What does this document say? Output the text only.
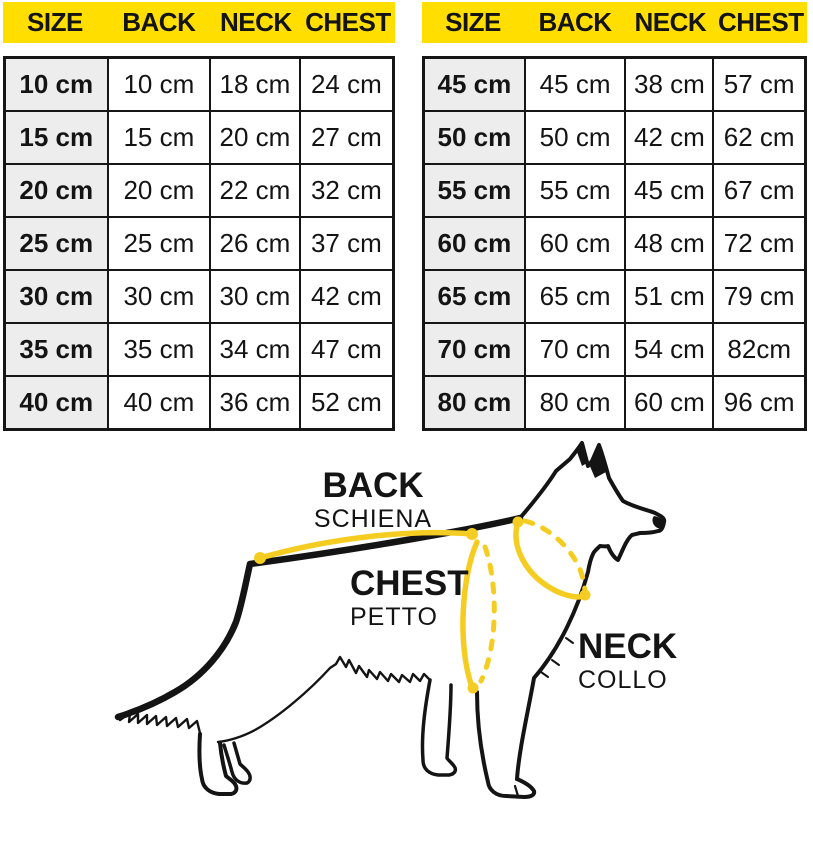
SIZE	BACK NECK CHEST
10 cm	10 cm	18 cm	24 cm
15 cm	15 cm	20 cm	27 cm
20 cm	20 cm	22 cm	32 cm
25 cm	25 cm	26 cm	37 cm
30 cm	30 cm	30 cm	42 cm
35 cm	35 cm	34 cm	47 cm
40 cm	40 cm	36 cm	52 cm
SIZE	BACK NECK CHEST
45 cm	45 cm	38 cm	57 cm
50 cm	50 cm	42 cm	62 cm
55 cm	55 cm	45 cm	67 cm
60 cm	60 cm	48 cm	72 cm
65 cm	65 cm	51 cm	79 cm
70 cm	70 cm	54 cm	82cm
80 cm	80 cm	60 cm	96 cm
BACK
SCHIENA
CHEST
PETTO
NECK
COLLO
